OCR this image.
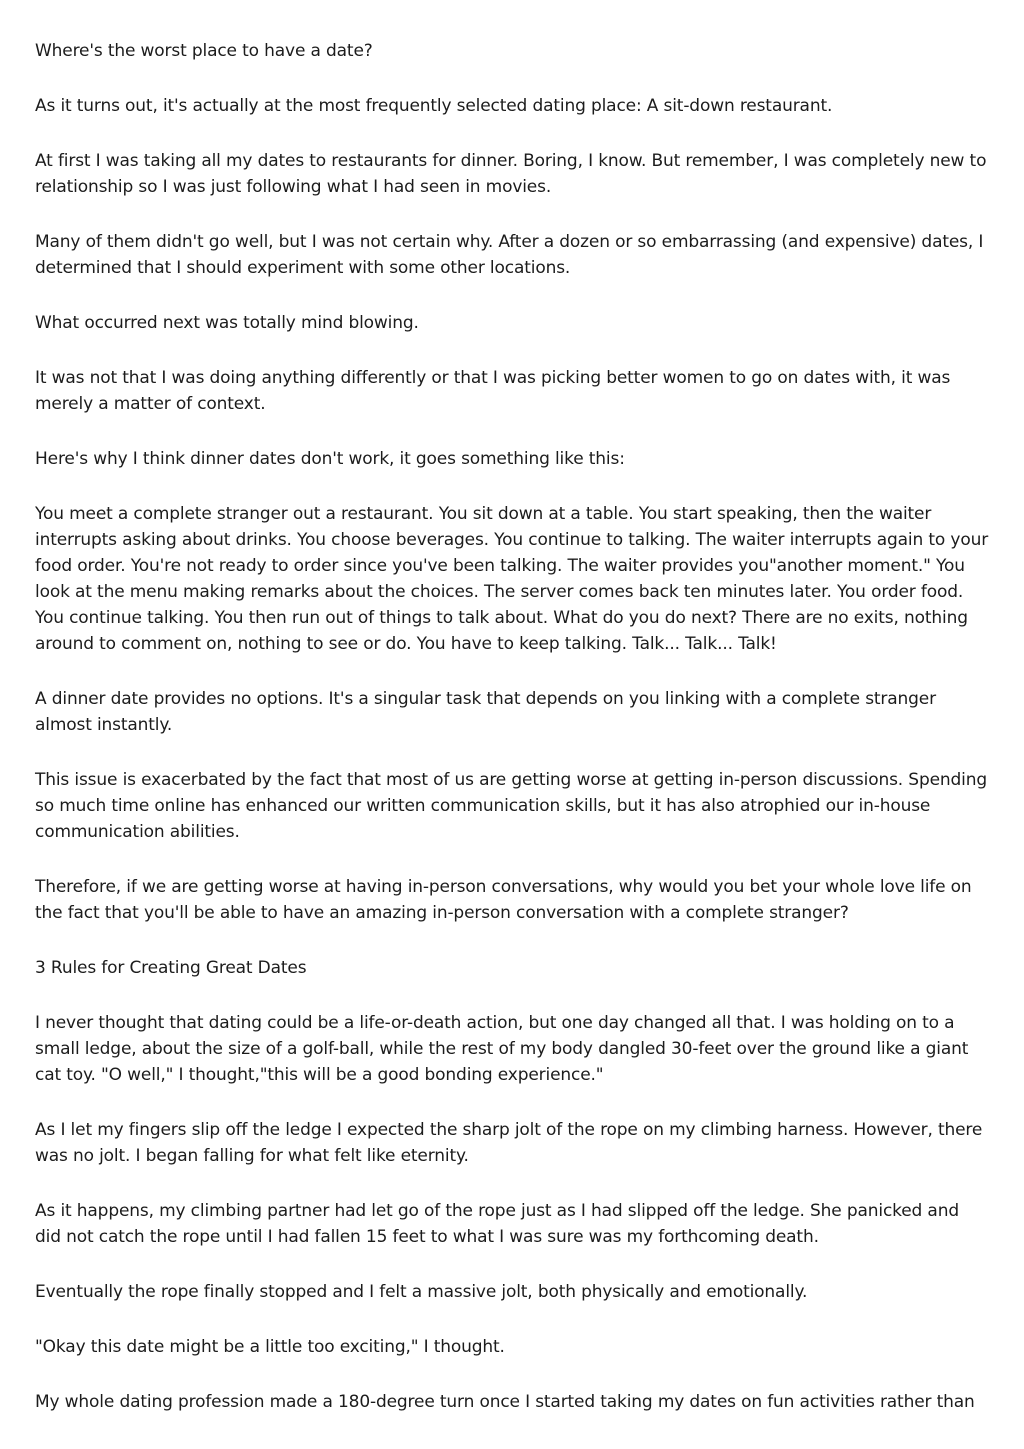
Where's the worst place to have a date?

As it turns out, it's actually at the most frequently selected dating place: A sit-down restaurant.

At first I was taking all my dates to restaurants for dinner. Boring, I know. But remember, I was completely new to relationship so I was just following what I had seen in movies.

Many of them didn't go well, but I was not certain why. After a dozen or so embarrassing (and expensive) dates, I determined that I should experiment with some other locations.

What occurred next was totally mind blowing.

It was not that I was doing anything differently or that I was picking better women to go on dates with, it was merely a matter of context.

Here's why I think dinner dates don't work, it goes something like this:

You meet a complete stranger out a restaurant. You sit down at a table. You start speaking, then the waiter interrupts asking about drinks. You choose beverages. You continue to talking. The waiter interrupts again to your food order. You're not ready to order since you've been talking. The waiter provides you"another moment." You look at the menu making remarks about the choices. The server comes back ten minutes later. You order food. You continue talking. You then run out of things to talk about. What do you do next? There are no exits, nothing around to comment on, nothing to see or do. You have to keep talking. Talk... Talk... Talk!

A dinner date provides no options. It's a singular task that depends on you linking with a complete stranger almost instantly.

This issue is exacerbated by the fact that most of us are getting worse at getting in-person discussions. Spending so much time online has enhanced our written communication skills, but it has also atrophied our in-house communication abilities.

Therefore, if we are getting worse at having in-person conversations, why would you bet your whole love life on the fact that you'll be able to have an amazing in-person conversation with a complete stranger?

3 Rules for Creating Great Dates

I never thought that dating could be a life-or-death action, but one day changed all that. I was holding on to a small ledge, about the size of a golf-ball, while the rest of my body dangled 30-feet over the ground like a giant cat toy. "O well," I thought,"this will be a good bonding experience."

As I let my fingers slip off the ledge I expected the sharp jolt of the rope on my climbing harness. However, there was no jolt. I began falling for what felt like eternity.

As it happens, my climbing partner had let go of the rope just as I had slipped off the ledge. She panicked and did not catch the rope until I had fallen 15 feet to what I was sure was my forthcoming death.

Eventually the rope finally stopped and I felt a massive jolt, both physically and emotionally.

"Okay this date might be a little too exciting," I thought.

My whole dating profession made a 180-degree turn once I started taking my dates on fun activities rather than
